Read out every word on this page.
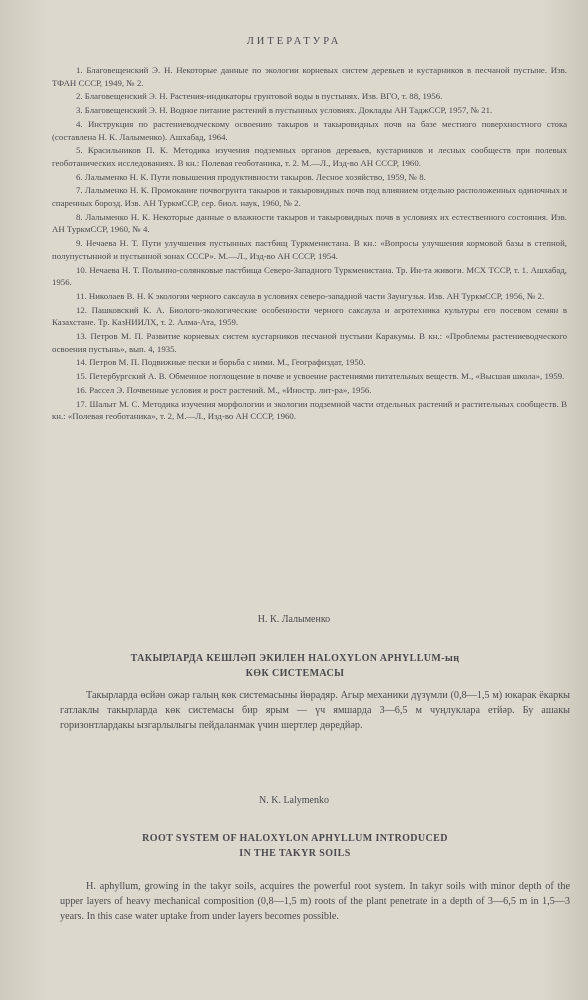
ЛИТЕРАТУРА

1. Благовещенский Э. Н. Некоторые данные по экологии корневых систем деревьев и кустарников в песчаной пустыне. Изв. ТФАН СССР, 1949, № 2.

2. Благовещенский Э. Н. Растения-индикаторы грунтовой воды в пустынях. Изв. ВГО, т. 88, 1956.

3. Благовещенский Э. Н. Водное питание растений в пустынных условиях. Доклады АН ТаджССР, 1957, № 21.

4. Инструкция по растениеводческому освоению такыров и такыровидных почв на базе местного поверхностного стока (составлена Н. К. Лалыменко). Ашхабад, 1964.

5. Красильников П. К. Методика изучения подземных органов деревьев, кустарников и лесных сообществ при полевых геоботанических исследованиях. В кн.: Полевая геоботаника, т. 2. М.—Л., Изд-во АН СССР, 1960.

6. Лалыменко Н. К. Пути повышения продуктивности такыров. Лесное хозяйство, 1959, № 8.

7. Лалыменко Н. К. Промокание почвогрунта такыров и такыровидных почв под влиянием отдельно расположенных одиночных и спаренных борозд. Изв. АН ТуркмССР, сер. биол. наук, 1960, № 2.

8. Лалыменко Н. К. Некоторые данные о влажности такыров и такыровидных почв в условиях их естественного состояния. Изв. АН ТуркмССР, 1960, № 4.

9. Нечаева Н. Т. Пути улучшения пустынных пастбищ Туркменистана. В кн.: «Вопросы улучшения кормовой базы в степной, полупустынной и пустынной зонах СССР». М.—Л., Изд-во АН СССР, 1954.

10. Нечаева Н. Т. Полынно-солянковые пастбища Северо-Западного Туркменистана. Тр. Ин-та живоги. МСХ ТССР, т. 1. Ашхабад, 1956.

11. Николаев В. Н. К экологии черного саксаула в условиях северо-западной части Заунгузья. Изв. АН ТуркмССР, 1956, № 2.

12. Пашковский К. А. Биолого-экологические особенности черного саксаула и агротехника культуры его посевом семян в Казахстане. Тр. КазНИИЛХ, т. 2. Алма-Ата, 1959.

13. Петров М. П. Развитие корневых систем кустарников песчаной пустыни Каракумы. В кн.: «Проблемы растениеводческого освоения пустынь», вып. 4, 1935.

14. Петров М. П. Подвижные пески и борьба с ними. М., Географиздат, 1950.

15. Петербургский А. В. Обменное поглощение в почве и усвоение растениями питательных веществ. М., «Высшая школа», 1959.

16. Рассел Э. Почвенные условия и рост растений. М., «Иностр. лит-ра», 1956.

17. Шалыт М. С. Методика изучения морфологии и экологии подземной части отдельных растений и растительных сообществ. В кн.: «Полевая геоботаника», т. 2, М.—Л., Изд-во АН СССР, 1960.

Н. К. Лалыменко
ТАКЫРЛАРДА КЕШЛӘП ЭКИЛЕН HALOXYLON APHYLLUM-ың
КӨК СИСТЕМАСЫ

Такырларда өсйән ожар галың көк системасыны йөрадяр. Агыр механики дүзүмли (0,8—1,5 м) юкарак ёкаркы гатлаклы такырларда көк системасы бир ярым — үч ямшарда 3—6,5 м чуңлуклара етйәр. Бу ашакы горизонтлардакы ызгарлылыгы пейдаланмак үчин шертлер дөредйәр.

N. K. Lalymenko
ROOT SYSTEM OF HALOXYLON APHYLLUM INTRODUCED
IN THE TAKYR SOILS

H. aphyllum, growing in the takyr soils, acquires the powerful root system. In takyr soils with minor depth of the upper layers of heavy mechanical composition (0,8—1,5 m) roots of the plant penetrate in a depth of 3—6,5 m in 1,5—3 years. In this case water uptake from under layers becomes possible.
